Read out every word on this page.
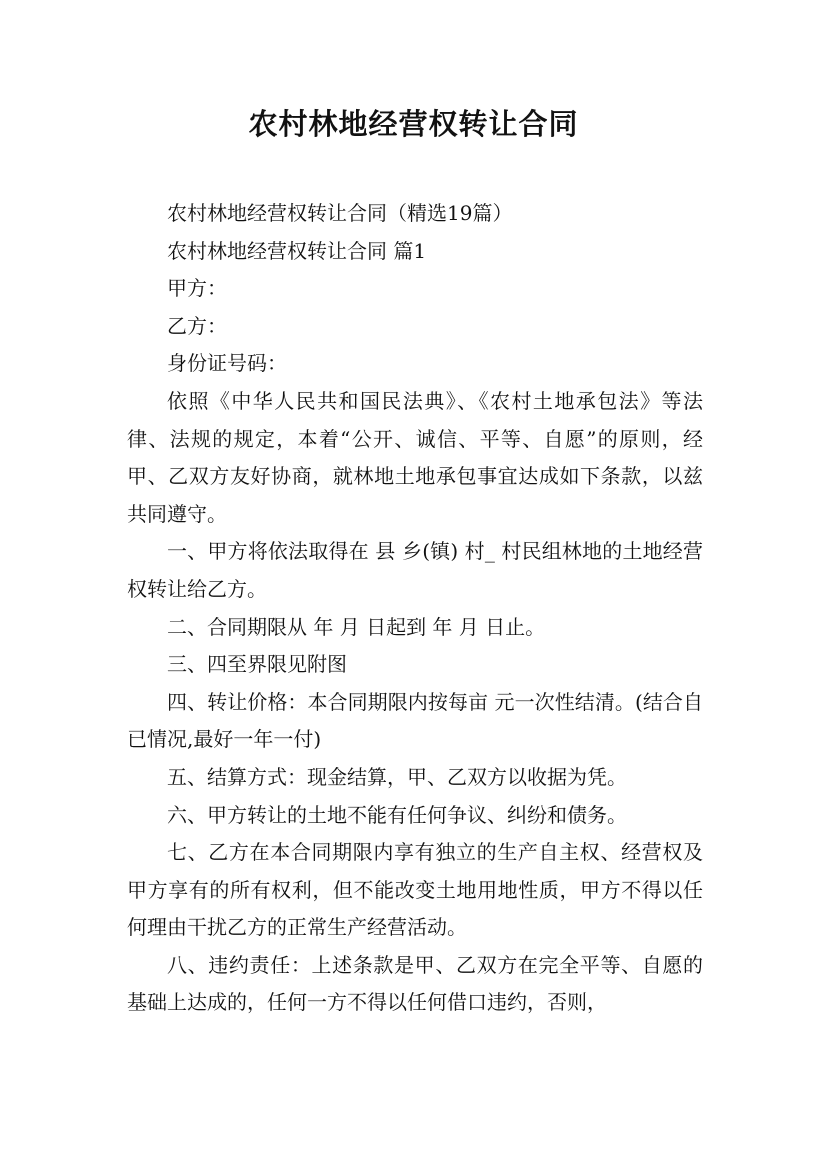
农村林地经营权转让合同

农村林地经营权转让合同（精选19篇）

农村林地经营权转让合同 篇1

甲方：

乙方：

身份证号码：

依照《中华人民共和国民法典》、《农村土地承包法》等法律、法规的规定，本着“公开、诚信、平等、自愿”的原则，经甲、乙双方友好协商，就林地土地承包事宜达成如下条款，以兹共同遵守。

一、甲方将依法取得在 县 乡(镇) 村_ 村民组林地的土地经营权转让给乙方。

二、合同期限从 年 月 日起到 年 月 日止。

三、四至界限见附图

四、转让价格：本合同期限内按每亩 元一次性结清。(结合自已情况,最好一年一付)

五、结算方式：现金结算，甲、乙双方以收据为凭。

六、甲方转让的土地不能有任何争议、纠纷和债务。

七、乙方在本合同期限内享有独立的生产自主权、经营权及甲方享有的所有权利，但不能改变土地用地性质，甲方不得以任何理由干扰乙方的正常生产经营活动。

八、违约责任：上述条款是甲、乙双方在完全平等、自愿的基础上达成的，任何一方不得以任何借口违约，否则，
